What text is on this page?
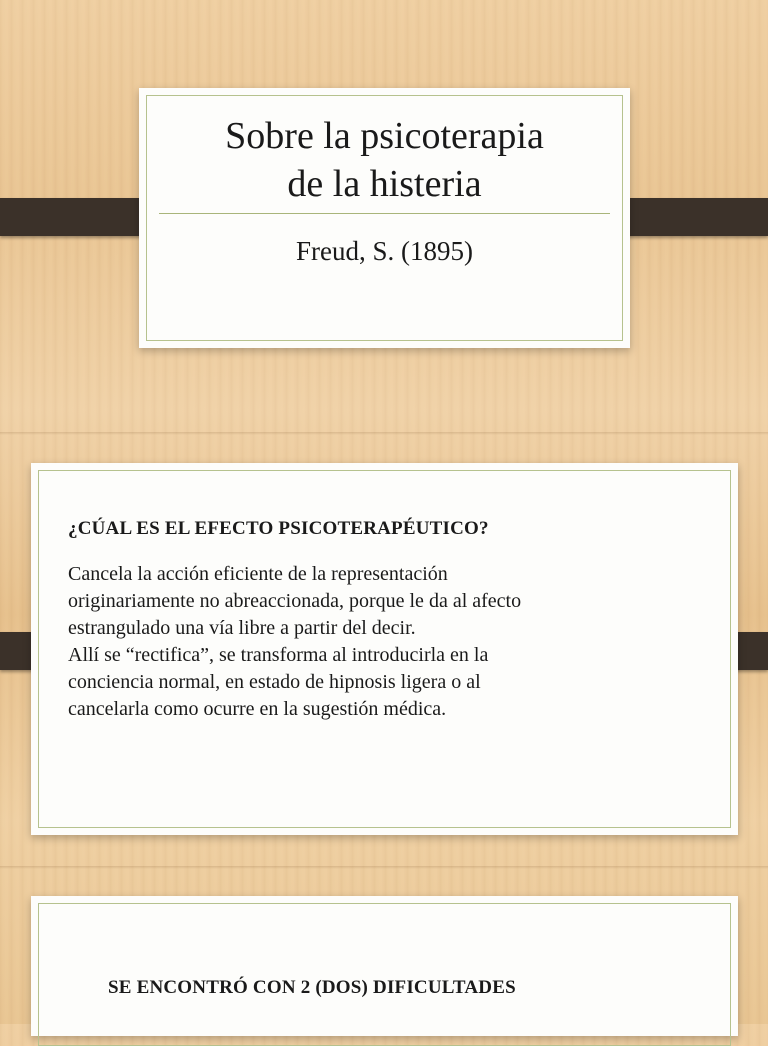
Sobre la psicoterapia
de la histeria
Freud, S. (1895)
¿CÚAL ES EL EFECTO PSICOTERAPÉUTICO?
Cancela la acción eficiente de la representación
originariamente no abreaccionada, porque le da al afecto
estrangulado una vía libre a partir del decir.
Allí se “rectifica”, se transforma al introducirla en la
conciencia normal, en estado de hipnosis ligera o al
cancelarla como ocurre en la sugestión médica.
SE ENCONTRÓ CON 2 (DOS) DIFICULTADES
